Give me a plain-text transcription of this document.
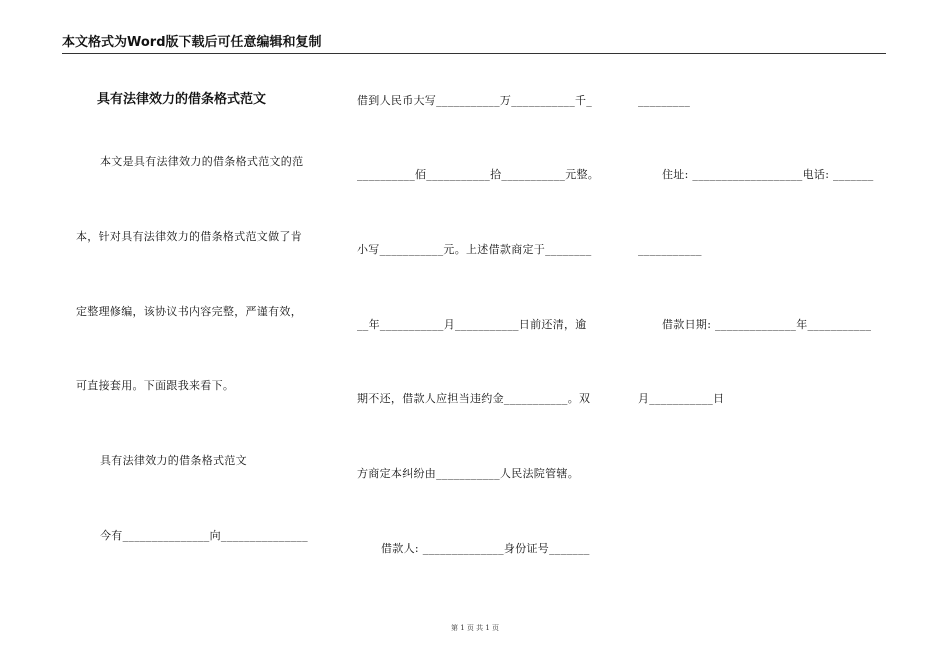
本文格式为Word版下载后可任意编辑和复制
具有法律效力的借条格式范文
本文是具有法律效力的借条格式范文的范
本，针对具有法律效力的借条格式范文做了肯
定整理修编，该协议书内容完整，严谨有效，
可直接套用。下面跟我来看下。
具有法律效力的借条格式范文
今有_______________向_______________
借到人民币大写___________万___________千_
__________佰___________拾___________元整。
小写___________元。上述借款商定于________
__年___________月___________日前还清，逾
期不还，借款人应担当违约金___________。双
方商定本纠纷由___________人民法院管辖。
借款人: ______________身份证号_______
_________
住址: ___________________电话: _______
___________
借款日期: ______________年___________
月___________日
第 1 页 共 1 页
